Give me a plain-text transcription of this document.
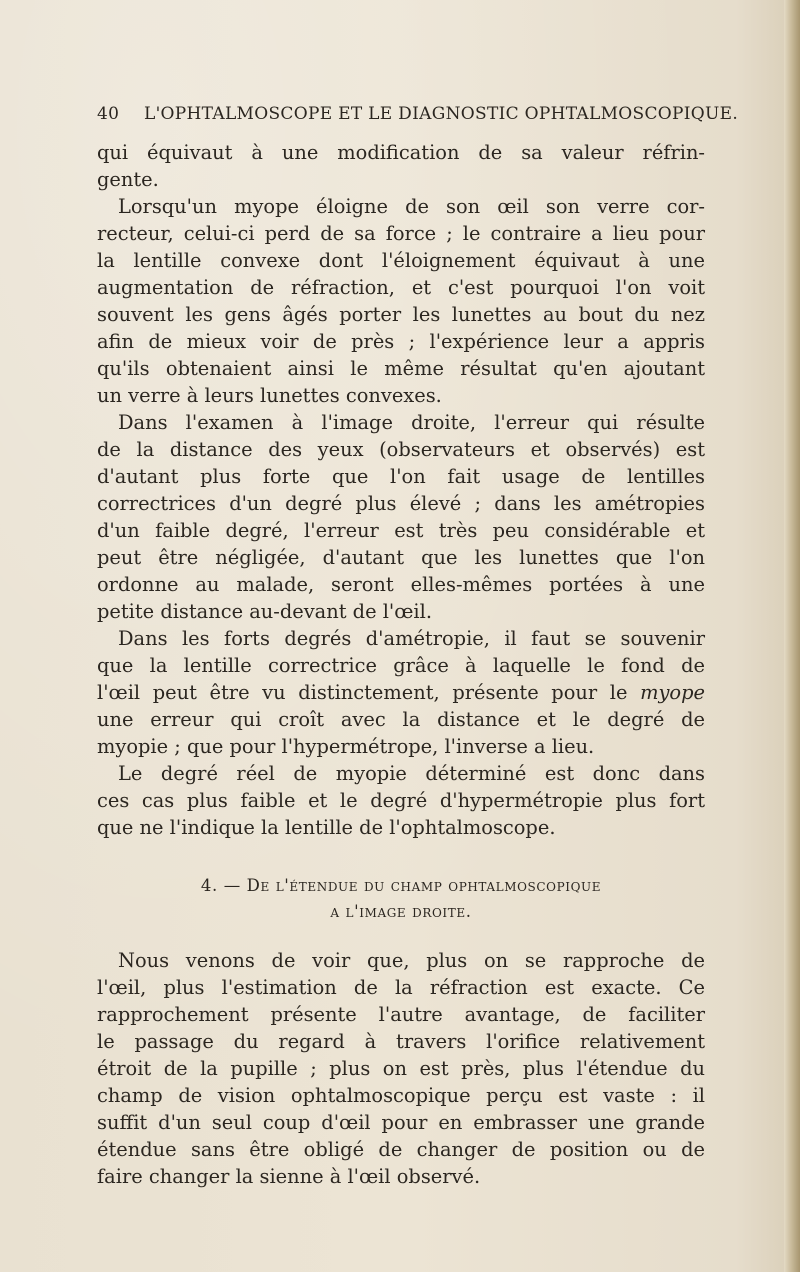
40 L'OPHTALMOSCOPE ET LE DIAGNOSTIC OPHTALMOSCOPIQUE.
qui équivaut à une modification de sa valeur réfrin-
gente.
Lorsqu'un myope éloigne de son œil son verre cor-
recteur, celui-ci perd de sa force ; le contraire a lieu pour
la lentille convexe dont l'éloignement équivaut à une
augmentation de réfraction, et c'est pourquoi l'on voit
souvent les gens âgés porter les lunettes au bout du nez
afin de mieux voir de près ; l'expérience leur a appris
qu'ils obtenaient ainsi le même résultat qu'en ajoutant
un verre à leurs lunettes convexes.
Dans l'examen à l'image droite, l'erreur qui résulte
de la distance des yeux (observateurs et observés) est
d'autant plus forte que l'on fait usage de lentilles
correctrices d'un degré plus élevé ; dans les amétropies
d'un faible degré, l'erreur est très peu considérable et
peut être négligée, d'autant que les lunettes que l'on
ordonne au malade, seront elles-mêmes portées à une
petite distance au-devant de l'œil.
Dans les forts degrés d'amétropie, il faut se souvenir
que la lentille correctrice grâce à laquelle le fond de
l'œil peut être vu distinctement, présente pour le myope
une erreur qui croît avec la distance et le degré de
myopie ; que pour l'hypermétrope, l'inverse a lieu.
Le degré réel de myopie déterminé est donc dans
ces cas plus faible et le degré d'hypermétropie plus fort
que ne l'indique la lentille de l'ophtalmoscope.
4. — De l'étendue du champ ophtalmoscopique
a l'image droite.
Nous venons de voir que, plus on se rapproche de
l'œil, plus l'estimation de la réfraction est exacte. Ce
rapprochement présente l'autre avantage, de faciliter
le passage du regard à travers l'orifice relativement
étroit de la pupille ; plus on est près, plus l'étendue du
champ de vision ophtalmoscopique perçu est vaste : il
suffit d'un seul coup d'œil pour en embrasser une grande
étendue sans être obligé de changer de position ou de
faire changer la sienne à l'œil observé.
